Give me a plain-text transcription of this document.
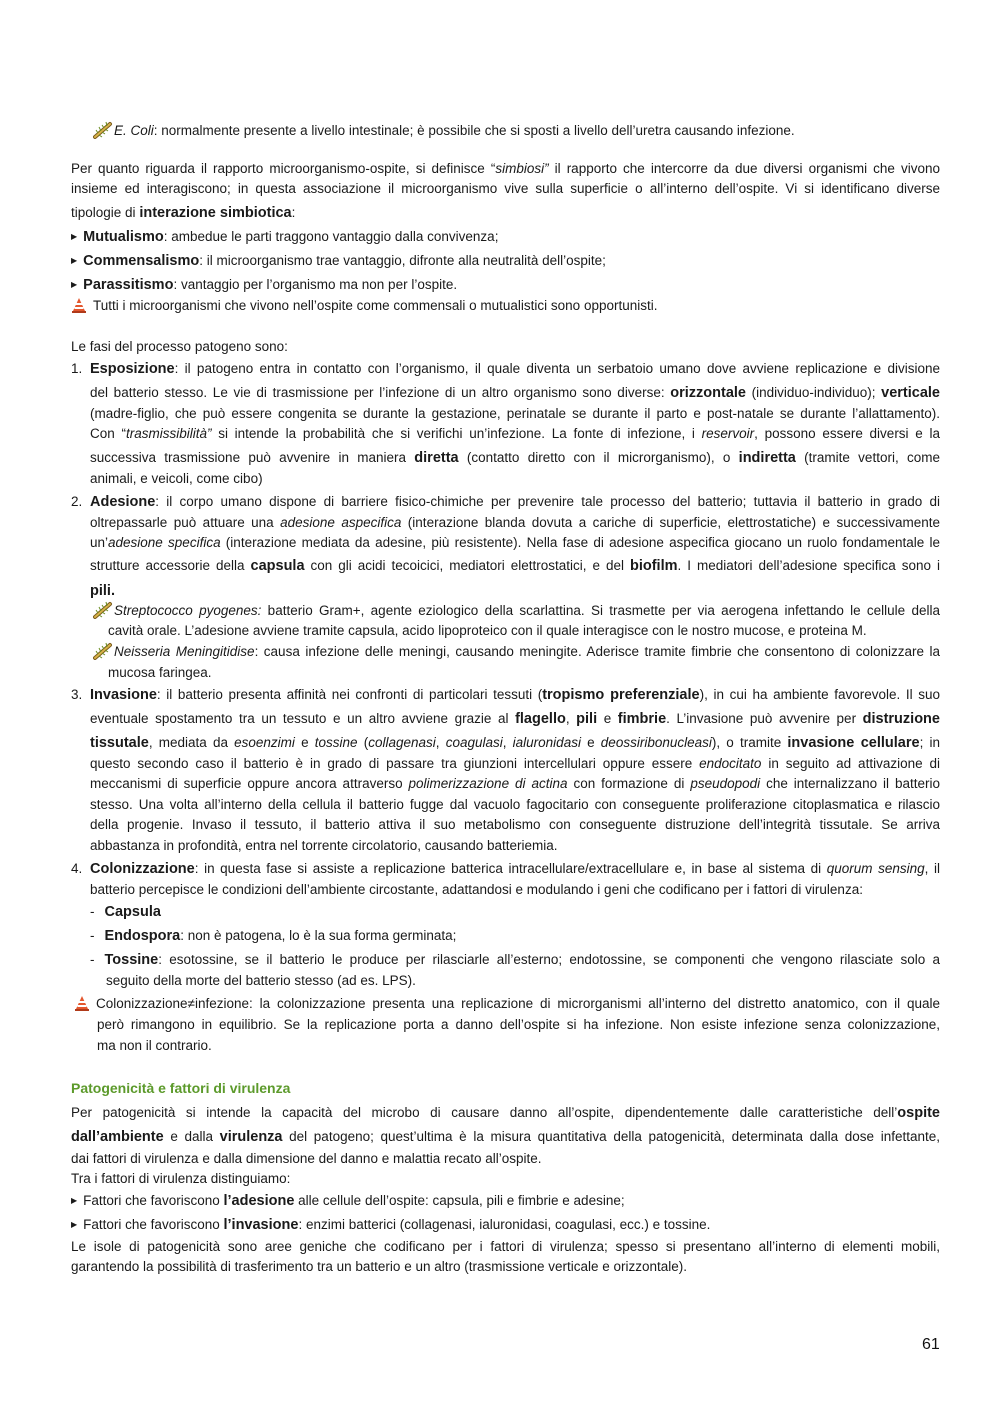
E. Coli: normalmente presente a livello intestinale; è possibile che si sposti a livello dell’uretra causando infezione.
Per quanto riguarda il rapporto microorganismo-ospite, si definisce “simbiosi” il rapporto che intercorre da due diversi organismi che vivono
insieme ed interagiscono; in questa associazione il microorganismo vive sulla superficie o all’interno dell’ospite. Vi si identificano diverse
tipologie di interazione simbiotica:
▶ Mutualismo: ambedue le parti traggono vantaggio dalla convivenza;
▶ Commensalismo: il microorganismo trae vantaggio, difronte alla neutralità dell’ospite;
▶ Parassitismo: vantaggio per l’organismo ma non per l’ospite.
Tutti i microorganismi che vivono nell’ospite come commensali o mutualistici sono opportunisti.
Le fasi del processo patogeno sono:
1. Esposizione: il patogeno entra in contatto con l’organismo, il quale diventa un serbatoio umano dove avviene replicazione e divisione
del batterio stesso. Le vie di trasmissione per l’infezione di un altro organismo sono diverse: orizzontale (individuo-individuo); verticale
(madre-figlio, che può essere congenita se durante la gestazione, perinatale se durante il parto e post-natale se durante l’allattamento).
Con “trasmissibilità” si intende la probabilità che si verifichi un’infezione. La fonte di infezione, i reservoir, possono essere diversi e la
successiva trasmissione può avvenire in maniera diretta (contatto diretto con il microrganismo), o indiretta (tramite vettori, come
animali, e veicoli, come cibo)
2. Adesione: il corpo umano dispone di barriere fisico-chimiche per prevenire tale processo del batterio; tuttavia il batterio in grado di
oltrepassarle può attuare una adesione aspecifica (interazione blanda dovuta a cariche di superficie, elettrostatiche) e successivamente
un’adesione specifica (interazione mediata da adesine, più resistente). Nella fase di adesione aspecifica giocano un ruolo fondamentale le
strutture accessorie della capsula con gli acidi tecoicici, mediatori elettrostatici, e del biofilm. I mediatori dell’adesione specifica sono i
pili.
Streptococco pyogenes: batterio Gram+, agente eziologico della scarlattina. Si trasmette per via aerogena infettando le cellule della
cavità orale. L’adesione avviene tramite capsula, acido lipoproteico con il quale interagisce con le nostro mucose, e proteina M.
Neisseria Meningitidise: causa infezione delle meningi, causando meningite. Aderisce tramite fimbrie che consentono di colonizzare la
mucosa faringea.
3. Invasione: il batterio presenta affinità nei confronti di particolari tessuti (tropismo preferenziale), in cui ha ambiente favorevole. Il suo
eventuale spostamento tra un tessuto e un altro avviene grazie al flagello, pili e fimbrie. L’invasione può avvenire per distruzione
tissutale, mediata da esoenzimi e tossine (collagenasi, coagulasi, ialuronidasi e deossiribonucleasi), o tramite invasione cellulare; in
questo secondo caso il batterio è in grado di passare tra giunzioni intercellulari oppure essere endocitato in seguito ad attivazione di
meccanismi di superficie oppure ancora attraverso polimerizzazione di actina con formazione di pseudopodi che internalizzano il batterio
stesso. Una volta all’interno della cellula il batterio fugge dal vacuolo fagocitario con conseguente proliferazione citoplasmatica e rilascio
della progenie. Invaso il tessuto, il batterio attiva il suo metabolismo con conseguente distruzione dell’integrità tissutale. Se arriva
abbastanza in profondità, entra nel torrente circolatorio, causando batteriemia.
4. Colonizzazione: in questa fase si assiste a replicazione batterica intracellulare/extracellulare e, in base al sistema di quorum sensing, il
batterio percepisce le condizioni dell’ambiente circostante, adattandosi e modulando i geni che codificano per i fattori di virulenza:
- Capsula
- Endospora: non è patogena, lo è la sua forma germinata;
- Tossine: esotossine, se il batterio le produce per rilasciarle all’esterno; endotossine, se componenti che vengono rilasciate solo a
seguito della morte del batterio stesso (ad es. LPS).
Colonizzazione≠infezione: la colonizzazione presenta una replicazione di microrganismi all’interno del distretto anatomico, con il quale
però rimangono in equilibrio. Se la replicazione porta a danno dell’ospite si ha infezione. Non esiste infezione senza colonizzazione,
ma non il contrario.
Patogenicità e fattori di virulenza
Per patogenicità si intende la capacità del microbo di causare danno all’ospite, dipendentemente dalle caratteristiche dell’ospite
dall’ambiente e dalla virulenza del patogeno; quest’ultima è la misura quantitativa della patogenicità, determinata dalla dose infettante,
dai fattori di virulenza e dalla dimensione del danno e malattia recato all’ospite.
Tra i fattori di virulenza distinguiamo:
▶ Fattori che favoriscono l’adesione alle cellule dell’ospite: capsula, pili e fimbrie e adesine;
▶ Fattori che favoriscono l’invasione: enzimi batterici (collagenasi, ialuronidasi, coagulasi, ecc.) e tossine.
Le isole di patogenicità sono aree geniche che codificano per i fattori di virulenza; spesso si presentano all’interno di elementi mobili,
garantendo la possibilità di trasferimento tra un batterio e un altro (trasmissione verticale e orizzontale).
61
